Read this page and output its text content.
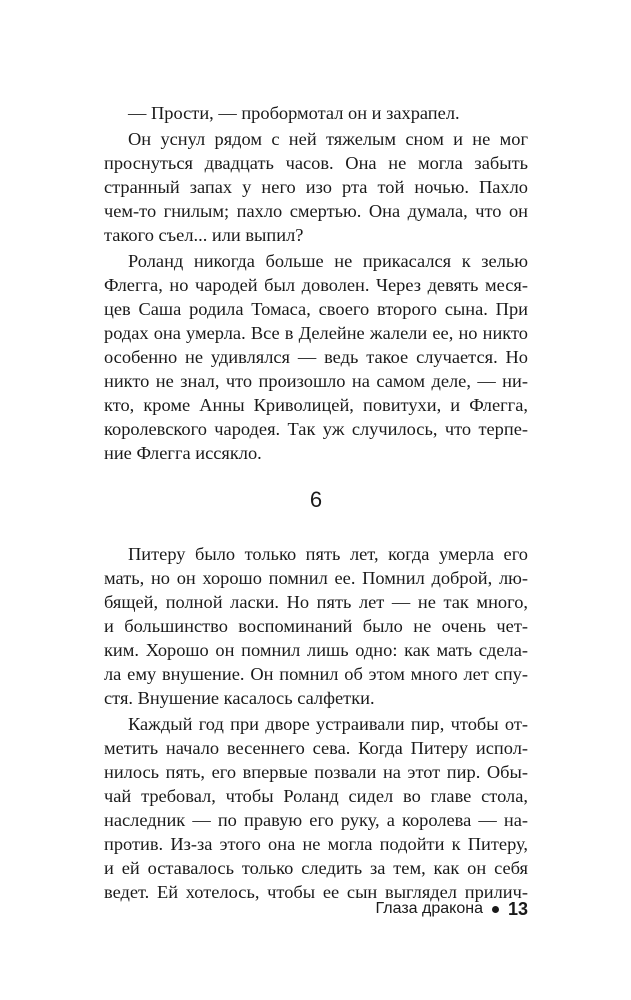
— Прости, — пробормотал он и захрапел.
Он уснул рядом с ней тяжелым сном и не мог
проснуться двадцать часов. Она не могла забыть
странный запах у него изо рта той ночью. Пахло
чем-то гнилым; пахло смертью. Она думала, что он
такого съел... или выпил?
Роланд никогда больше не прикасался к зелью
Флегга, но чародей был доволен. Через девять меся-
цев Саша родила Томаса, своего второго сына. При
родах она умерла. Все в Делейне жалели ее, но никто
особенно не удивлялся — ведь такое случается. Но
никто не знал, что произошло на самом деле, — ни-
кто, кроме Анны Криволицей, повитухи, и Флегга,
королевского чародея. Так уж случилось, что терпе-
ние Флегга иссякло.
6
Питеру было только пять лет, когда умерла его
мать, но он хорошо помнил ее. Помнил доброй, лю-
бящей, полной ласки. Но пять лет — не так много,
и большинство воспоминаний было не очень чет-
ким. Хорошо он помнил лишь одно: как мать сдела-
ла ему внушение. Он помнил об этом много лет спу-
стя. Внушение касалось салфетки.
Каждый год при дворе устраивали пир, чтобы от-
метить начало весеннего сева. Когда Питеру испол-
нилось пять, его впервые позвали на этот пир. Обы-
чай требовал, чтобы Роланд сидел во главе стола,
наследник — по правую его руку, а королева — на-
против. Из-за этого она не могла подойти к Питеру,
и ей оставалось только следить за тем, как он себя
ведет. Ей хотелось, чтобы ее сын выглядел прилич-
Глаза дракона 13
